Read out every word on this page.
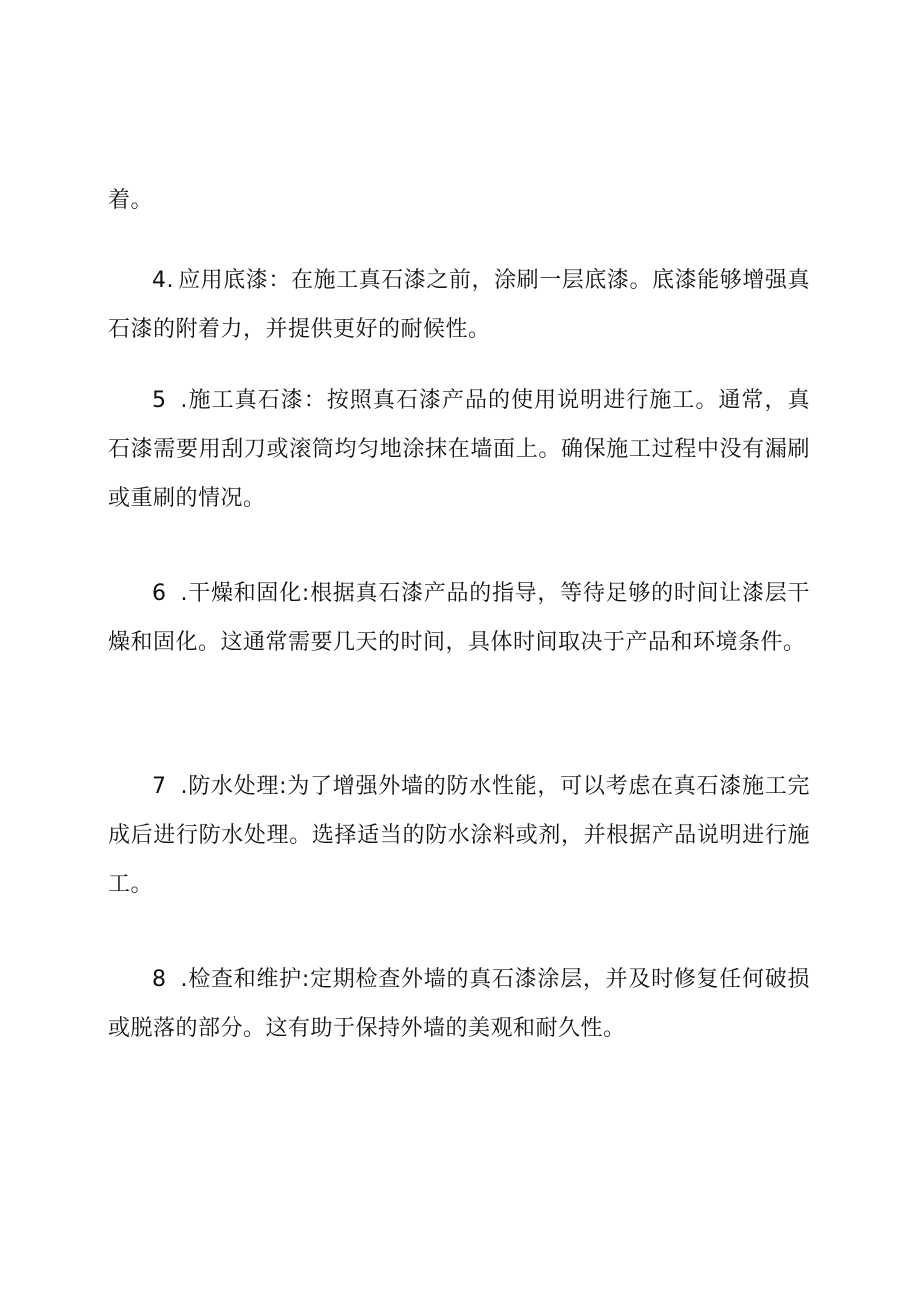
着。
4. 应用底漆：在施工真石漆之前，涂刷一层底漆。底漆能够增强真石漆的附着力，并提供更好的耐候性。
5 .施工真石漆：按照真石漆产品的使用说明进行施工。通常，真石漆需要用刮刀或滚筒均匀地涂抹在墙面上。确保施工过程中没有漏刷或重刷的情况。
6 .干燥和固化:根据真石漆产品的指导，等待足够的时间让漆层干燥和固化。这通常需要几天的时间，具体时间取决于产品和环境条件。
7 .防水处理:为了增强外墙的防水性能，可以考虑在真石漆施工完成后进行防水处理。选择适当的防水涂料或剂，并根据产品说明进行施工。
8 .检查和维护:定期检查外墙的真石漆涂层，并及时修复任何破损或脱落的部分。这有助于保持外墙的美观和耐久性。
